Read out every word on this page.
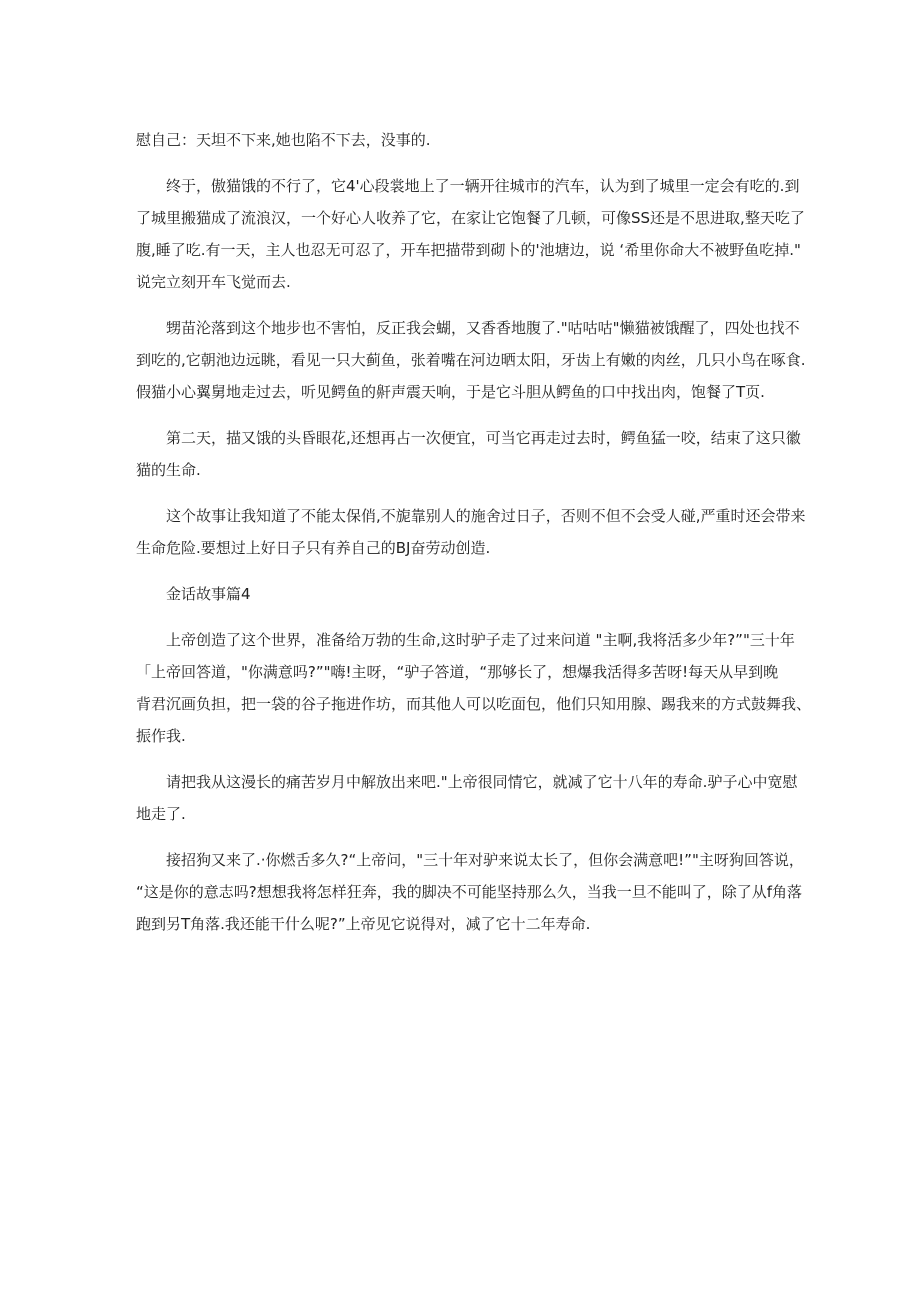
慰自己：天坦不下来,她也陷不下去，没事的.
终于，傲猫饿的不行了，它4'心段裳地上了一辆开往城市的汽车，认为到了城里一定会有吃的.到
了城里搬猫成了流浪汉，一个好心人收养了它，在家让它饱餐了几顿，可像SS还是不思进取,整天吃了
腹,睡了吃.有一天，主人也忍无可忍了，开车把描带到砌卜的'池塘边，说 ‘希里你命大不被野鱼吃掉."
说完立刻开车飞觉而去.
甥苗沦落到这个地步也不害怕，反正我会蝴，又香香地腹了."咕咕咕"懒猫被饿醒了，四处也找不
到吃的,它朝池边远眺，看见一只大蓟鱼，张着嘴在河边晒太阳，牙齿上有嫩的肉丝，几只小鸟在啄食.
假猫小心翼舅地走过去，听见鳄鱼的鼾声震天响，于是它斗胆从鳄鱼的口中找出肉，饱餐了T页.
第二天，描又饿的头昏眼花,还想再占一次便宜，可当它再走过去时，鳄鱼猛一咬，结束了这只徽
猫的生命.
这个故事让我知道了不能太保俏,不旎靠别人的施舍过日子，否则不但不会受人碰,严重时还会带来
生命危险.要想过上好日子只有养自己的BJ奋劳动创造.
金话故事篇4
上帝创造了这个世界，准备给万勃的生命,这时驴子走了过来问道 "主啊,我将活多少年?”"三十年
「上帝回答道，"你满意吗?”"嗨!主呀，“驴子答道，“那够长了，想爆我活得多苦呀!每天从早到晚
背君沉画负担，把一袋的谷子拖进作坊，而其他人可以吃面包，他们只知用腺、踢我来的方式鼓舞我、
振作我.
请把我从这漫长的痛苦岁月中解放出来吧."上帝很同情它，就减了它十八年的寿命.驴子心中宽慰
地走了.
接招狗又来了.·你燃舌多久?“上帝问，"三十年对驴来说太长了，但你会满意吧!”"主呀狗回答说，
“这是你的意志吗?想想我将怎样狂奔，我的脚决不可能坚持那么久，当我一旦不能叫了，除了从f角落
跑到另T角落.我还能干什么呢?”上帝见它说得对，减了它十二年寿命.
